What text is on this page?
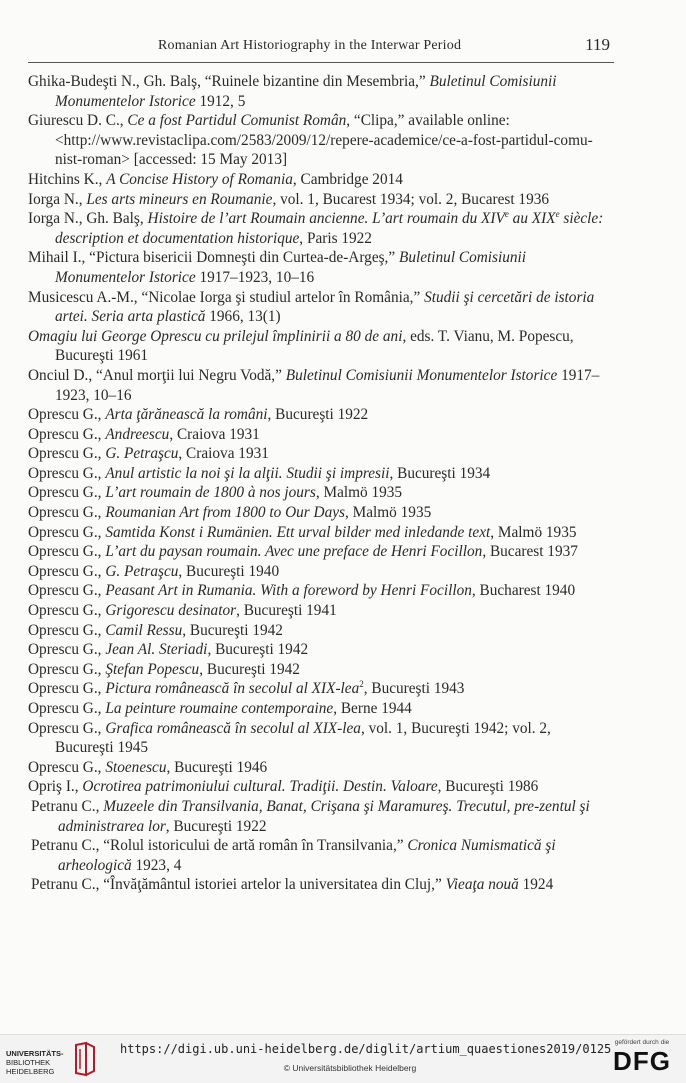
Romanian Art Historiography in the Interwar Period	119

Ghika-Budeşti N., Gh. Balş, “Ruinele bizantine din Mesembria,” Buletinul Comisiunii Monumentelor Istorice 1912, 5

Giurescu D. C., Ce a fost Partidul Comunist Român, “Clipa,” available online: <http://www.revistaclipa.com/2583/2009/12/repere-academice/ce-a-fost-partidul-comu-nist-roman> [accessed: 15 May 2013]

Hitchins K., A Concise History of Romania, Cambridge 2014

Iorga N., Les arts mineurs en Roumanie, vol. 1, Bucarest 1934; vol. 2, Bucarest 1936

Iorga N., Gh. Balş, Histoire de l’art Roumain ancienne. L’art roumain du XIVe au XIXe siècle: description et documentation historique, Paris 1922

Mihail I., “Pictura bisericii Domneşti din Curtea-de-Argeş,” Buletinul Comisiunii Monumentelor Istorice 1917–1923, 10–16

Musicescu A.-M., “Nicolae Iorga şi studiul artelor în România,” Studii şi cercetări de istoria artei. Seria arta plastică 1966, 13(1)

Omagiu lui George Oprescu cu prilejul împlinirii a 80 de ani, eds. T. Vianu, M. Popescu, Bucureşti 1961

Onciul D., “Anul morţii lui Negru Vodă,” Buletinul Comisiunii Monumentelor Istorice 1917–1923, 10–16

Oprescu G., Arta ţărănească la români, Bucureşti 1922

Oprescu G., Andreescu, Craiova 1931

Oprescu G., G. Petraşcu, Craiova 1931

Oprescu G., Anul artistic la noi şi la alţii. Studii şi impresii, Bucureşti 1934

Oprescu G., L’art roumain de 1800 à nos jours, Malmö 1935

Oprescu G., Roumanian Art from 1800 to Our Days, Malmö 1935

Oprescu G., Samtida Konst i Rumänien. Ett urval bilder med inledande text, Malmö 1935

Oprescu G., L’art du paysan roumain. Avec une preface de Henri Focillon, Bucarest 1937

Oprescu G., G. Petraşcu, Bucureşti 1940

Oprescu G., Peasant Art in Rumania. With a foreword by Henri Focillon, Bucharest 1940

Oprescu G., Grigorescu desinator, Bucureşti 1941

Oprescu G., Camil Ressu, Bucureşti 1942

Oprescu G., Jean Al. Steriadi, Bucureşti 1942

Oprescu G., Ştefan Popescu, Bucureşti 1942

Oprescu G., Pictura românească în secolul al XIX-lea$^2$, Bucureşti 1943

Oprescu G., La peinture roumaine contemporaine, Berne 1944

Oprescu G., Grafica românească în secolul al XIX-lea, vol. 1, Bucureşti 1942; vol. 2, Bucureşti 1945

Oprescu G., Stoenescu, Bucureşti 1946

Opriş I., Ocrotirea patrimoniului cultural. Tradiţii. Destin. Valoare, Bucureşti 1986

Petranu C., Muzeele din Transilvania, Banat, Crişana şi Maramureş. Trecutul, pre-zentul şi administrarea lor, Bucureşti 1922

Petranu C., “Rolul istoricului de artă român în Transilvania,” Cronica Numismatică şi arheologică 1923, 4

Petranu C., “Învăţământul istoriei artelor la universitatea din Cluj,” Vieaţa nouă 1924

UNIVERSITÄTS-
BIBLIOTHEK
HEIDELBERG
https://digi.ub.uni-heidelberg.de/diglit/artium_quaestiones2019/0125
© Universitätsbibliothek Heidelberg
gefördert durch die
DFG
